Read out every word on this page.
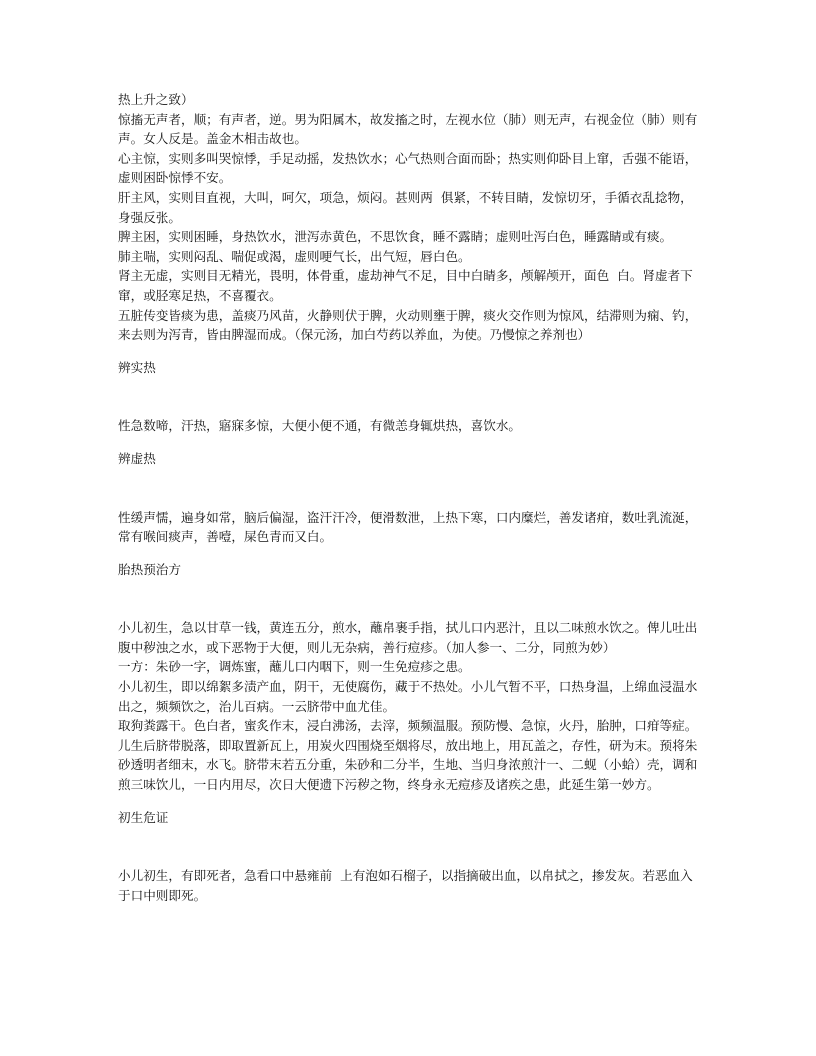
热上升之致）

惊搐无声者，顺；有声者，逆。男为阳属木，故发搐之时，左视水位（肺）则无声，右视金位（肺）则有声。女人反是。盖金木相击故也。

心主惊，实则多叫哭惊悸，手足动摇，发热饮水；心气热则合面而卧；热实则仰卧目上窜，舌强不能语，虚则困卧惊悸不安。

肝主风，实则目直视，大叫，呵欠，项急，烦闷。甚则两  俱紧，不转目睛，发惊切牙，手循衣乱捻物，身强反张。

脾主困，实则困睡，身热饮水，泄泻赤黄色，不思饮食，睡不露睛；虚则吐泻白色，睡露睛或有痰。

肺主喘，实则闷乱、喘促或渴，虚则哽气长，出气短，唇白色。

肾主无虚，实则目无精光，畏明，体骨重，虚劫神气不足，目中白睛多，颅解颅开，面色  白。肾虚者下窜，或胫寒足热，不喜覆衣。

五脏传变皆痰为患，盖痰乃风苗，火静则伏于脾，火动则壅于脾，痰火交作则为惊风，结滞则为痫、钓，来去则为泻青，皆由脾湿而成。（保元汤，加白芍药以养血，为使。乃慢惊之养剂也）

辨实热

性急数啼，汗热，寤寐多惊，大便小便不通，有微恙身辄烘热，喜饮水。

辨虚热

性缓声懦，遍身如常，脑后偏湿，盗汗汗冷，便滑数泄，上热下寒，口内糜烂，善发诸疳，数吐乳流涎，常有喉间痰声，善噎，屎色青而又白。

胎热预治方

小儿初生，急以甘草一钱，黄连五分，煎水，蘸帛裹手指，拭儿口内恶汁，且以二味煎水饮之。俾儿吐出腹中秽浊之水，或下恶物于大便，则儿无杂病，善行痘疹。（加人参一、二分，同煎为妙）

一方：朱砂一字，调炼蜜，蘸儿口内咽下，则一生免痘疹之患。

小儿初生，即以绵絮多渍产血，阴干，无使腐伤，藏于不热处。小儿气暂不平，口热身温，上绵血浸温水出之，频频饮之，治儿百病。一云脐带中血尤佳。

取狗粪露干。色白者，蜜炙作末，浸白沸汤，去滓，频频温服。预防慢、急惊，火丹，胎肿，口疳等症。

儿生后脐带脱落，即取置新瓦上，用炭火四围烧至烟将尽，放出地上，用瓦盖之，存性，研为末。预将朱砂透明者细末，水飞。脐带末若五分重，朱砂和二分半，生地、当归身浓煎汁一、二蚬（小蛤）壳，调和煎三味饮儿，一日内用尽，次日大便遗下污秽之物，终身永无痘疹及诸疾之患，此延生第一妙方。

初生危证

小儿初生，有即死者，急看口中悬雍前  上有泡如石榴子，以指摘破出血，以帛拭之，掺发灰。若恶血入于口中则即死。
